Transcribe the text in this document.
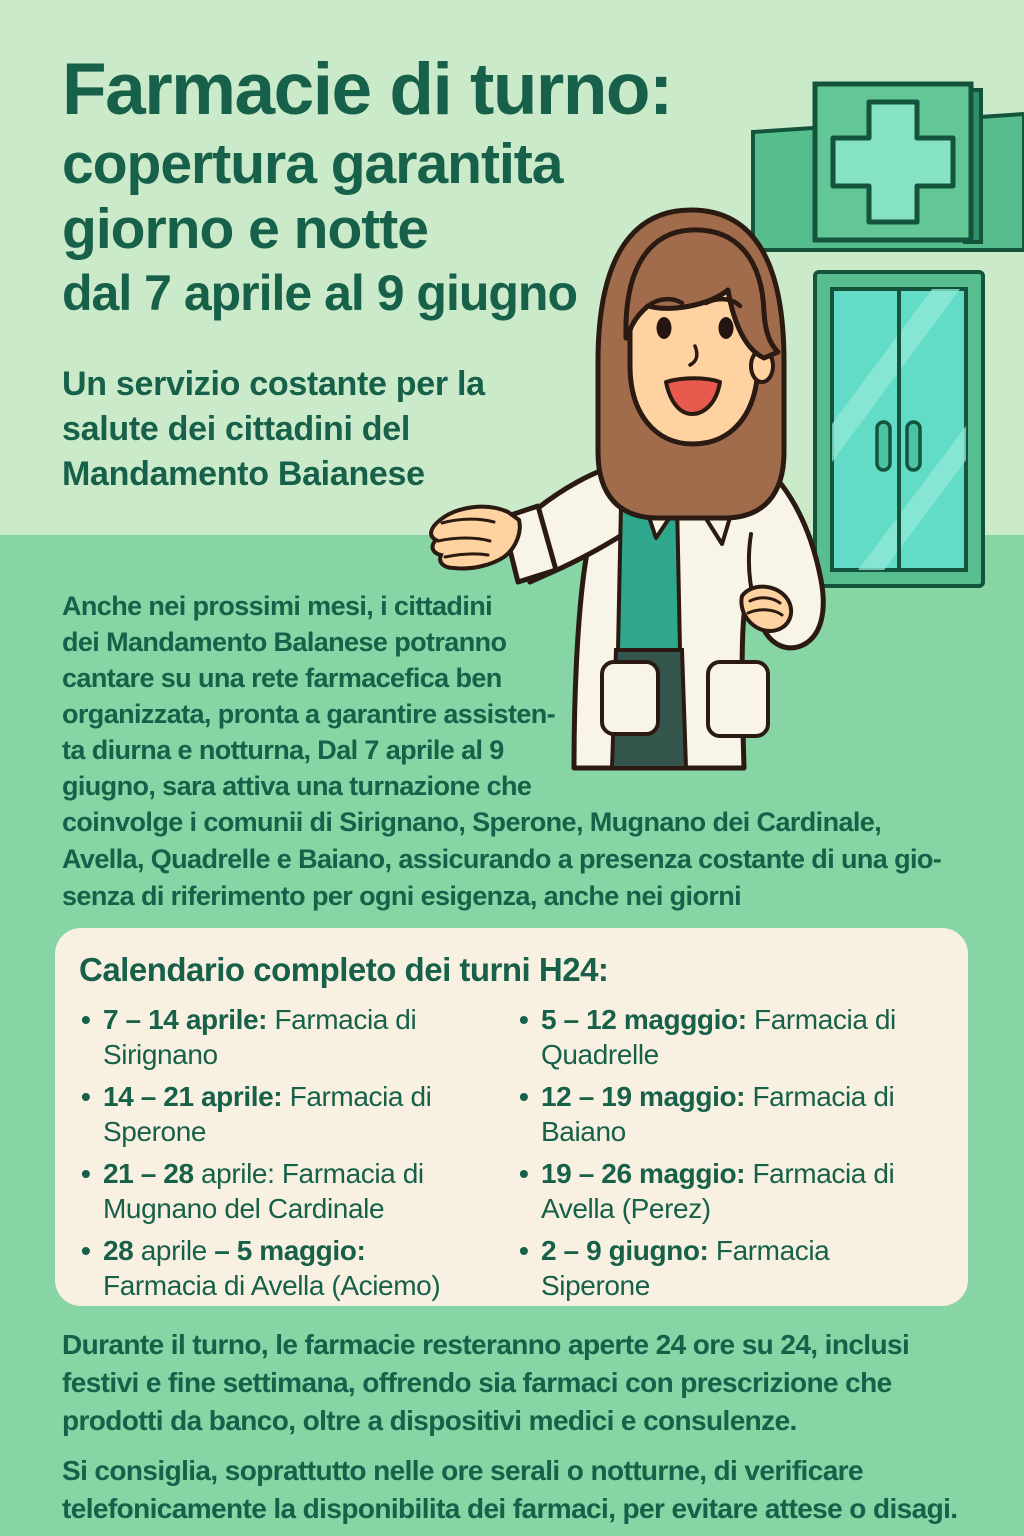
Farmacie di turno:
copertura garantita
giorno e notte
dal 7 aprile al 9 giugno
Un servizio costante per la
salute dei cittadini del
Mandamento Baianese
Anche nei prossimi mesi, i cittadini
dei Mandamento Balanese potranno
cantare su una rete farmacefica ben
organizzata, pronta a garantire assisten-
ta diurna e notturna, Dal 7 aprile al 9
giugno, sara attiva una turnazione che
coinvolge i comunii di Sirignano, Sperone, Mugnano dei Cardinale,
Avella, Quadrelle e Baiano, assicurando a presenza costante di una gio-
senza di riferimento per ogni esigenza, anche nei giorni
Calendario completo dei turni H24:
• 7 – 14 aprile: Farmacia di Sirignano
• 14 – 21 aprile: Farmacia di Sperone
• 21 – 28 aprile: Farmacia di Mugnano del Cardinale
• 28 aprile – 5 maggio: Farmacia di Avella (Aciemo)
• 5 – 12 magggio: Farmacia di Quadrelle
• 12 – 19 maggio: Farmacia di Baiano
• 19 – 26 maggio: Farmacia di Avella (Perez)
• 2 – 9 giugno: Farmacia Siperone
Durante il turno, le farmacie resteranno aperte 24 ore su 24, inclusi
festivi e fine settimana, offrendo sia farmaci con prescrizione che
prodotti da banco, oltre a dispositivi medici e consulenze.
Si consiglia, soprattutto nelle ore serali o notturne, di verificare
telefonicamente la disponibilita dei farmaci, per evitare attese o disagi.
